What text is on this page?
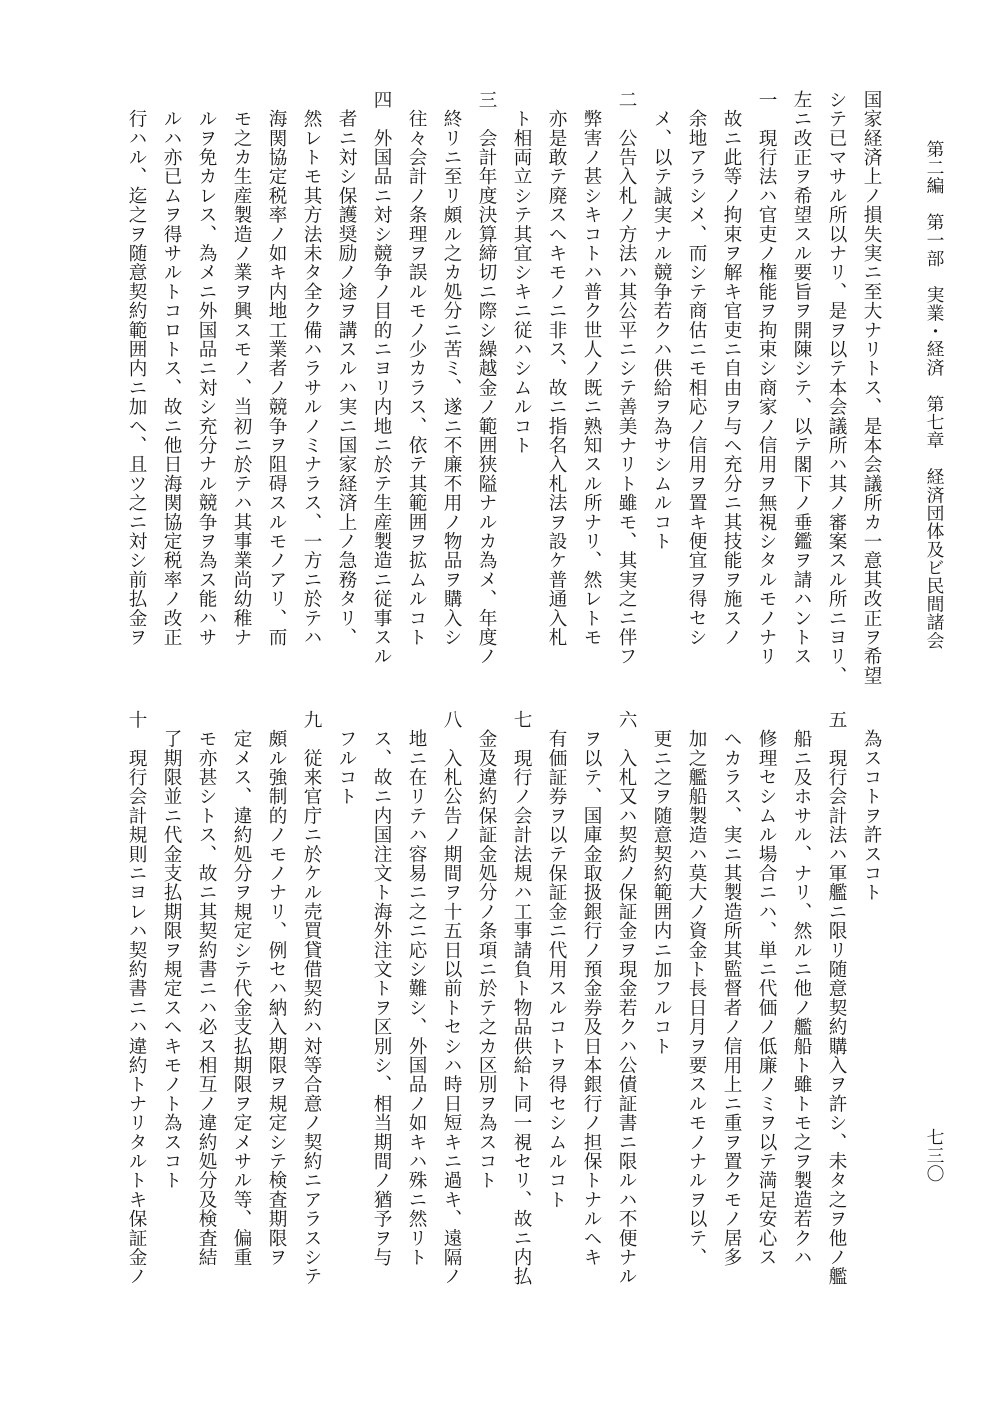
第二編　第一部　実業・経済　第七章　経済団体及ビ民間諸会
七三〇
国家経済上ノ損失実ニ至大ナリトス、是本会議所カ一意其改正ヲ希望
シテ已マサル所以ナリ、是ヲ以テ本会議所ハ其ノ審案スル所ニヨリ、
左ニ改正ヲ希望スル要旨ヲ開陳シテ、以テ閣下ノ垂鑑ヲ請ハントス
一　現行法ハ官吏ノ権能ヲ拘束シ商家ノ信用ヲ無視シタルモノナリ
　故ニ此等ノ拘束ヲ解キ官吏ニ自由ヲ与ヘ充分ニ其技能ヲ施スノ
　余地アラシメ、而シテ商估ニモ相応ノ信用ヲ置キ便宜ヲ得セシ
　メ、以テ誠実ナル競争若クハ供給ヲ為サシムルコト
二　公告入札ノ方法ハ其公平ニシテ善美ナリト雖モ、其実之ニ伴フ
　弊害ノ甚シキコトハ普ク世人ノ既ニ熟知スル所ナリ、然レトモ
　亦是敢テ廃スヘキモノニ非ス、故ニ指名入札法ヲ設ケ普通入札
　ト相両立シテ其宜シキニ従ハシムルコト
三　会計年度決算締切ニ際シ繰越金ノ範囲狭隘ナルカ為メ、年度ノ
　終リニ至リ頗ル之カ処分ニ苦ミ、遂ニ不廉不用ノ物品ヲ購入シ
　往々会計ノ条理ヲ誤ルモノ少カラス、依テ其範囲ヲ拡ムルコト
四　外国品ニ対シ競争ノ目的ニヨリ内地ニ於テ生産製造ニ従事スル
　者ニ対シ保護奨励ノ途ヲ講スルハ実ニ国家経済上ノ急務タリ、
　然レトモ其方法未タ全ク備ハラサルノミナラス、一方ニ於テハ
　海関協定税率ノ如キ内地工業者ノ競争ヲ阻碍スルモノアリ、而
　モ之カ生産製造ノ業ヲ興スモノ、当初ニ於テハ其事業尚幼稚ナ
　ルヲ免カレス、為メニ外国品ニ対シ充分ナル競争ヲ為ス能ハサ
　ルハ亦已ムヲ得サルトコロトス、故ニ他日海関協定税率ノ改正
　行ハル、迄之ヲ随意契約範囲内ニ加ヘ、且ツ之ニ対シ前払金ヲ
　為スコトヲ許スコト
五　現行会計法ハ軍艦ニ限リ随意契約購入ヲ許シ、未タ之ヲ他ノ艦
　船ニ及ホサル、ナリ、然ルニ他ノ艦船ト雖トモ之ヲ製造若クハ
　修理セシムル場合ニハ、単ニ代価ノ低廉ノミヲ以テ満足安心ス
　ヘカラス、実ニ其製造所其監督者ノ信用上ニ重ヲ置クモノ居多
　加之艦船製造ハ莫大ノ資金ト長日月ヲ要スルモノナルヲ以テ、
　更ニ之ヲ随意契約範囲内ニ加フルコト
六　入札又ハ契約ノ保証金ヲ現金若クハ公債証書ニ限ルハ不便ナル
　ヲ以テ、国庫金取扱銀行ノ預金券及日本銀行ノ担保トナルヘキ
　有価証券ヲ以テ保証金ニ代用スルコトヲ得セシムルコト
七　現行ノ会計法規ハ工事請負ト物品供給ト同一視セリ、故ニ内払
　金及違約保証金処分ノ条項ニ於テ之カ区別ヲ為スコト
八　入札公告ノ期間ヲ十五日以前トセシハ時日短キニ過キ、遠隔ノ
　地ニ在リテハ容易ニ之ニ応シ難シ、外国品ノ如キハ殊ニ然リト
　ス、故ニ内国注文ト海外注文トヲ区別シ、相当期間ノ猶予ヲ与
　フルコト
九　従来官庁ニ於ケル売買貸借契約ハ対等合意ノ契約ニアラスシテ
　頗ル強制的ノモノナリ、例セハ納入期限ヲ規定シテ検査期限ヲ
　定メス、違約処分ヲ規定シテ代金支払期限ヲ定メサル等、偏重
　モ亦甚シトス、故ニ其契約書ニハ必ス相互ノ違約処分及検査結
　了期限並ニ代金支払期限ヲ規定スヘキモノト為スコト
十　現行会計規則ニヨレハ契約書ニハ違約トナリタルトキ保証金ノ
